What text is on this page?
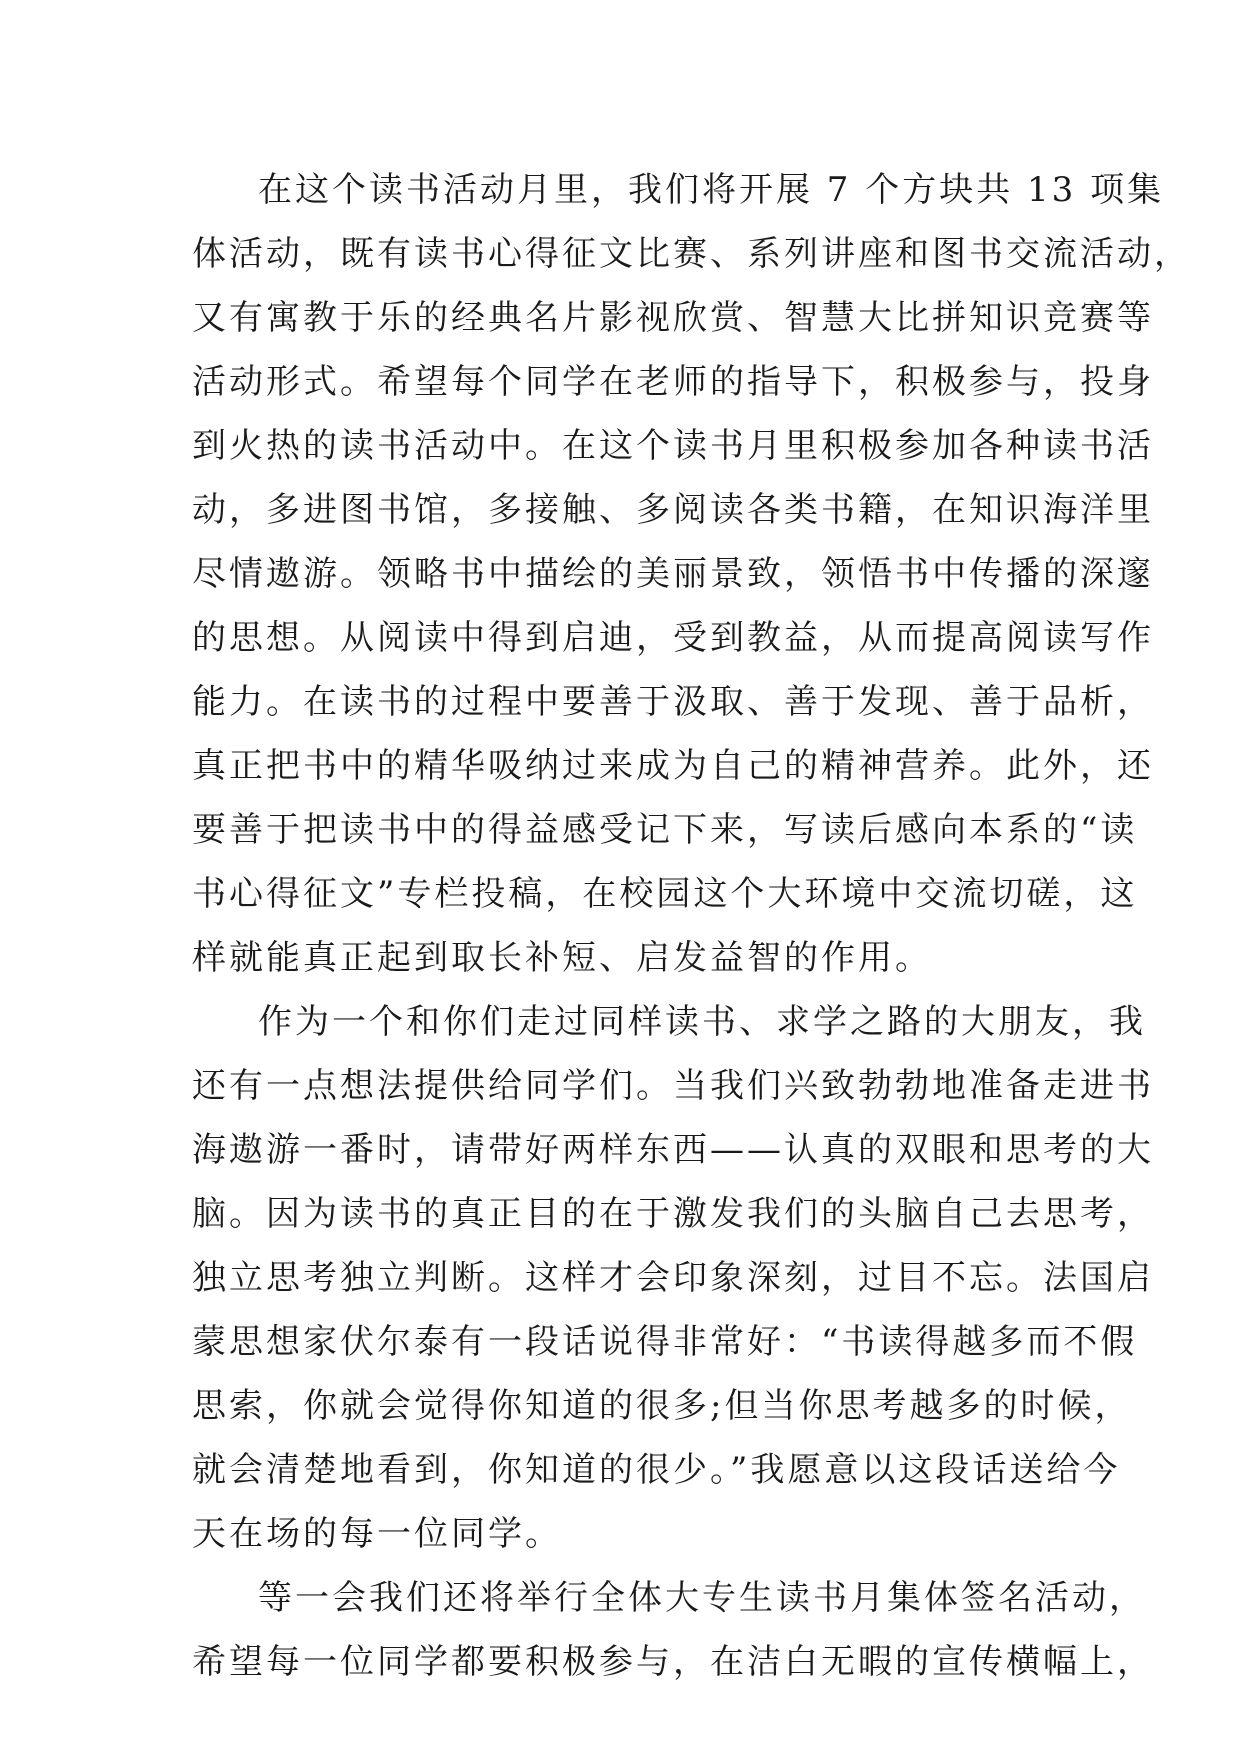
在这个读书活动月里，我们将开展 7 个方块共 13 项集
体活动，既有读书心得征文比赛、系列讲座和图书交流活动，
又有寓教于乐的经典名片影视欣赏、智慧大比拼知识竞赛等
活动形式。希望每个同学在老师的指导下，积极参与，投身
到火热的读书活动中。在这个读书月里积极参加各种读书活
动，多进图书馆，多接触、多阅读各类书籍，在知识海洋里
尽情遨游。领略书中描绘的美丽景致，领悟书中传播的深邃
的思想。从阅读中得到启迪，受到教益，从而提高阅读写作
能力。在读书的过程中要善于汲取、善于发现、善于品析，
真正把书中的精华吸纳过来成为自己的精神营养。此外，还
要善于把读书中的得益感受记下来，写读后感向本系的“读
书心得征文”专栏投稿，在校园这个大环境中交流切磋，这
样就能真正起到取长补短、启发益智的作用。
作为一个和你们走过同样读书、求学之路的大朋友，我
还有一点想法提供给同学们。当我们兴致勃勃地准备走进书
海遨游一番时，请带好两样东西——认真的双眼和思考的大
脑。因为读书的真正目的在于激发我们的头脑自己去思考，
独立思考独立判断。这样才会印象深刻，过目不忘。法国启
蒙思想家伏尔泰有一段话说得非常好：“书读得越多而不假
思索，你就会觉得你知道的很多;但当你思考越多的时候，
就会清楚地看到，你知道的很少。”我愿意以这段话送给今
天在场的每一位同学。
等一会我们还将举行全体大专生读书月集体签名活动，
希望每一位同学都要积极参与，在洁白无暇的宣传横幅上，
